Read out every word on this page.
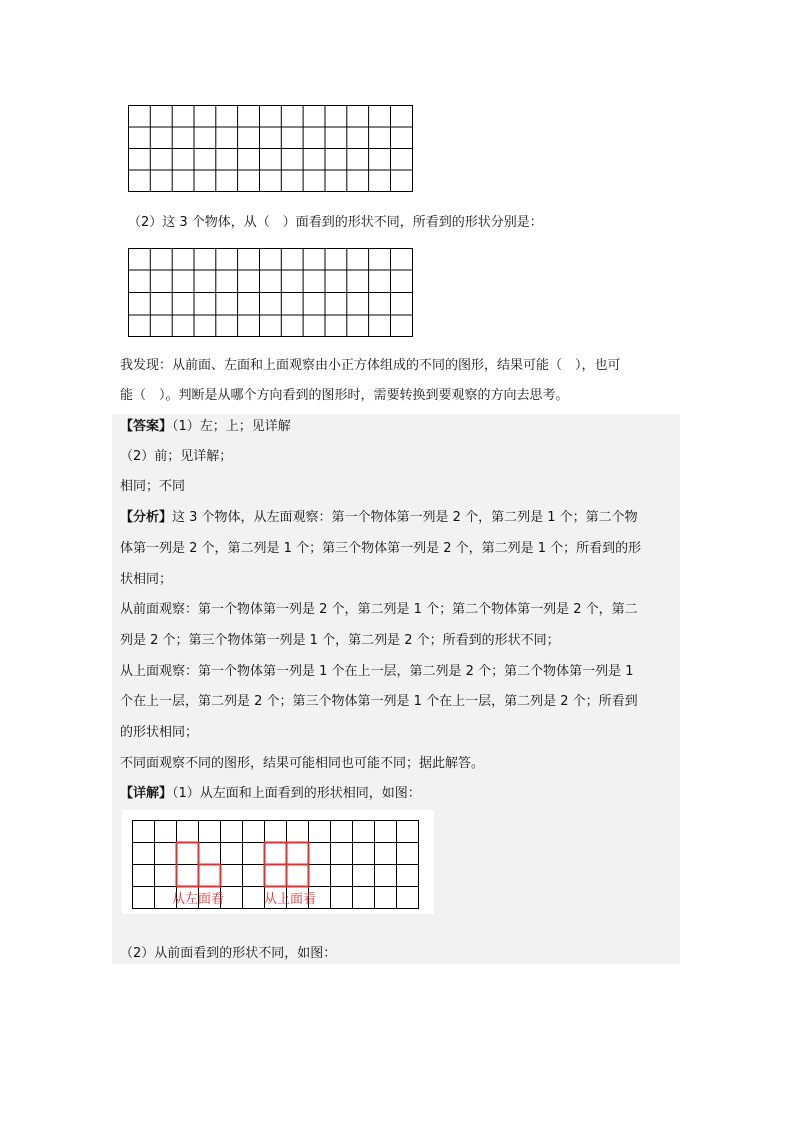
（2）这 3 个物体，从（　）面看到的形状不同，所看到的形状分别是：
我发现：从前面、左面和上面观察由小正方体组成的不同的图形，结果可能（　），也可
能（　）。判断是从哪个方向看到的图形时，需要转换到要观察的方向去思考。
【答案】（1）左；上；见详解
（2）前；见详解；
相同；不同
【分析】这 3 个物体，从左面观察：第一个物体第一列是 2 个，第二列是 1 个；第二个物
体第一列是 2 个，第二列是 1 个；第三个物体第一列是 2 个，第二列是 1 个；所看到的形
状相同；
从前面观察：第一个物体第一列是 2 个，第二列是 1 个；第二个物体第一列是 2 个，第二
列是 2 个；第三个物体第一列是 1 个，第二列是 2 个；所看到的形状不同；
从上面观察：第一个物体第一列是 1 个在上一层，第二列是 2 个；第二个物体第一列是 1
个在上一层，第二列是 2 个；第三个物体第一列是 1 个在上一层，第二列是 2 个；所看到
的形状相同；
不同面观察不同的图形，结果可能相同也可能不同；据此解答。
【详解】（1）从左面和上面看到的形状相同，如图：
从左面看	从上面看
（2）从前面看到的形状不同，如图：
